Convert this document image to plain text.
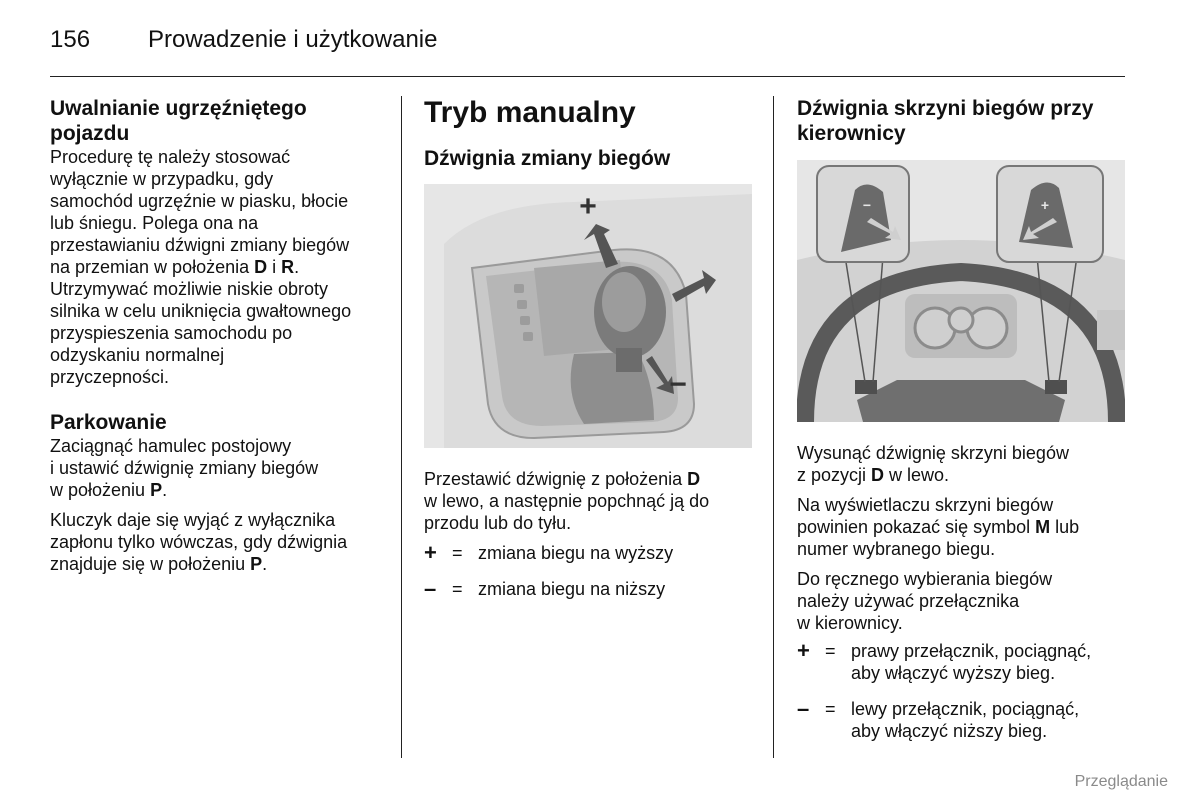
156 Prowadzenie i użytkowanie
Uwalnianie ugrzęźniętego pojazdu

Procedurę tę należy stosować

wyłącznie w przypadku, gdy

samochód ugrzęźnie w piasku, błocie

lub śniegu. Polega ona na

przestawianiu dźwigni zmiany biegów

na przemian w położenia D i R.

Utrzymywać możliwie niskie obroty

silnika w celu uniknięcia gwałtownego

przyspieszenia samochodu po

odzyskaniu normalnej

przyczepności.

Parkowanie

Zaciągnąć hamulec postojowy

i ustawić dźwignię zmiany biegów

w położeniu P.

Kluczyk daje się wyjąć z wyłącznika

zapłonu tylko wówczas, gdy dźwignia

znajduje się w położeniu P.

Tryb manualny
Dźwignia zmiany biegów
+
−

Przestawić dźwignię z położenia D

w lewo, a następnie popchnąć ją do

przodu lub do tyłu.

+ = zmiana biegu na wyższy
– = zmiana biegu na niższy
Dźwignia skrzyni biegów przy kierownicy
−	+

Wysunąć dźwignię skrzyni biegów

z pozycji D w lewo.

Na wyświetlaczu skrzyni biegów

powinien pokazać się symbol M lub

numer wybranego biegu.

Do ręcznego wybierania biegów

należy używać przełącznika

w kierownicy.

+ = prawy przełącznik, pociągnąć,
aby włączyć wyższy bieg.
– = lewy przełącznik, pociągnąć,
aby włączyć niższy bieg.
Przeglądanie
